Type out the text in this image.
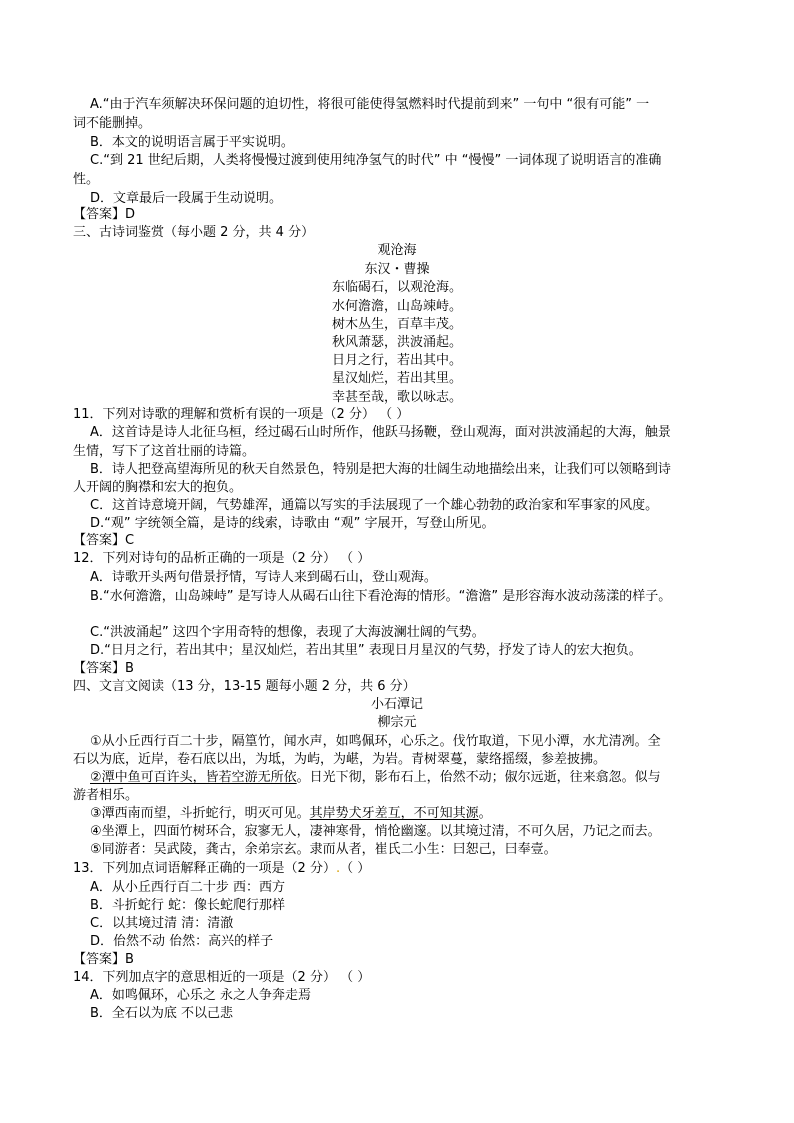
A.“由于汽车须解决环保问题的迫切性，将很可能使得氢燃料时代提前到来” 一句中 “很有可能” 一
词不能删掉。
B．本文的说明语言属于平实说明。
C.“到 21 世纪后期，人类将慢慢过渡到使用纯净氢气的时代” 中 “慢慢” 一词体现了说明语言的准确
性。
D．文章最后一段属于生动说明。
【答案】D
三、古诗词鉴赏（每小题 2 分，共 4 分）
观沧海
东汉・曹操
东临碣石，以观沧海。
水何澹澹，山岛竦峙。
树木丛生，百草丰茂。
秋风萧瑟，洪波涌起。
日月之行，若出其中。
星汉灿烂，若出其里。
幸甚至哉，歌以咏志。
11．下列对诗歌的理解和赏析有误的一项是（2 分） （ ）
A．这首诗是诗人北征乌桓，经过碣石山时所作，他跃马扬鞭，登山观海，面对洪波涌起的大海，触景
生情，写下了这首壮丽的诗篇。
B．诗人把登高望海所见的秋天自然景色，特别是把大海的壮阔生动地描绘出来，让我们可以领略到诗
人开阔的胸襟和宏大的抱负。
C．这首诗意境开阔，气势雄浑，通篇以写实的手法展现了一个雄心勃勃的政治家和军事家的风度。
D.“观” 字统领全篇，是诗的线索，诗歌由 “观” 字展开，写登山所见。
【答案】C
12．下列对诗句的品析正确的一项是（2 分） （ ）
A．诗歌开头两句借景抒情，写诗人来到碣石山，登山观海。
B.“水何澹澹，山岛竦峙” 是写诗人从碣石山往下看沧海的情形。“澹澹” 是形容海水波动荡漾的样子。
C.“洪波涌起” 这四个字用奇特的想像，表现了大海波澜壮阔的气势。
D.“日月之行，若出其中；星汉灿烂，若出其里” 表现日月星汉的气势，抒发了诗人的宏大抱负。
【答案】B
四、文言文阅读（13 分，13-15 题每小题 2 分，共 6 分）
小石潭记
柳宗元
①从小丘西行百二十步，隔篁竹，闻水声，如鸣佩环，心乐之。伐竹取道，下见小潭，水尤清冽。全
石以为底，近岸，卷石底以出，为坻，为屿，为嵁，为岩。青树翠蔓，蒙络摇缀，参差披拂。
②潭中鱼可百许头，皆若空游无所依。日光下彻，影布石上，佁然不动；俶尔远逝，往来翕忽。似与
游者相乐。
③潭西南而望，斗折蛇行，明灭可见。其岸势犬牙差互，不可知其源。
④坐潭上，四面竹树环合，寂寥无人，凄神寒骨，悄怆幽邃。以其境过清，不可久居，乃记之而去。
⑤同游者：吴武陵，龚古，余弟宗玄。隶而从者，崔氏二小生：曰恕己，曰奉壹。
13．下列加点词语解释正确的一项是（2 分）.（ ）
A．从小丘西行百二十步 西：西方
B．斗折蛇行 蛇：像长蛇爬行那样
C．以其境过清 清：清澈
D．佁然不动 佁然：高兴的样子
【答案】B
14．下列加点字的意思相近的一项是（2 分） （ ）
A．如鸣佩环，心乐之 永之人争奔走焉
B．全石以为底 不以己悲
